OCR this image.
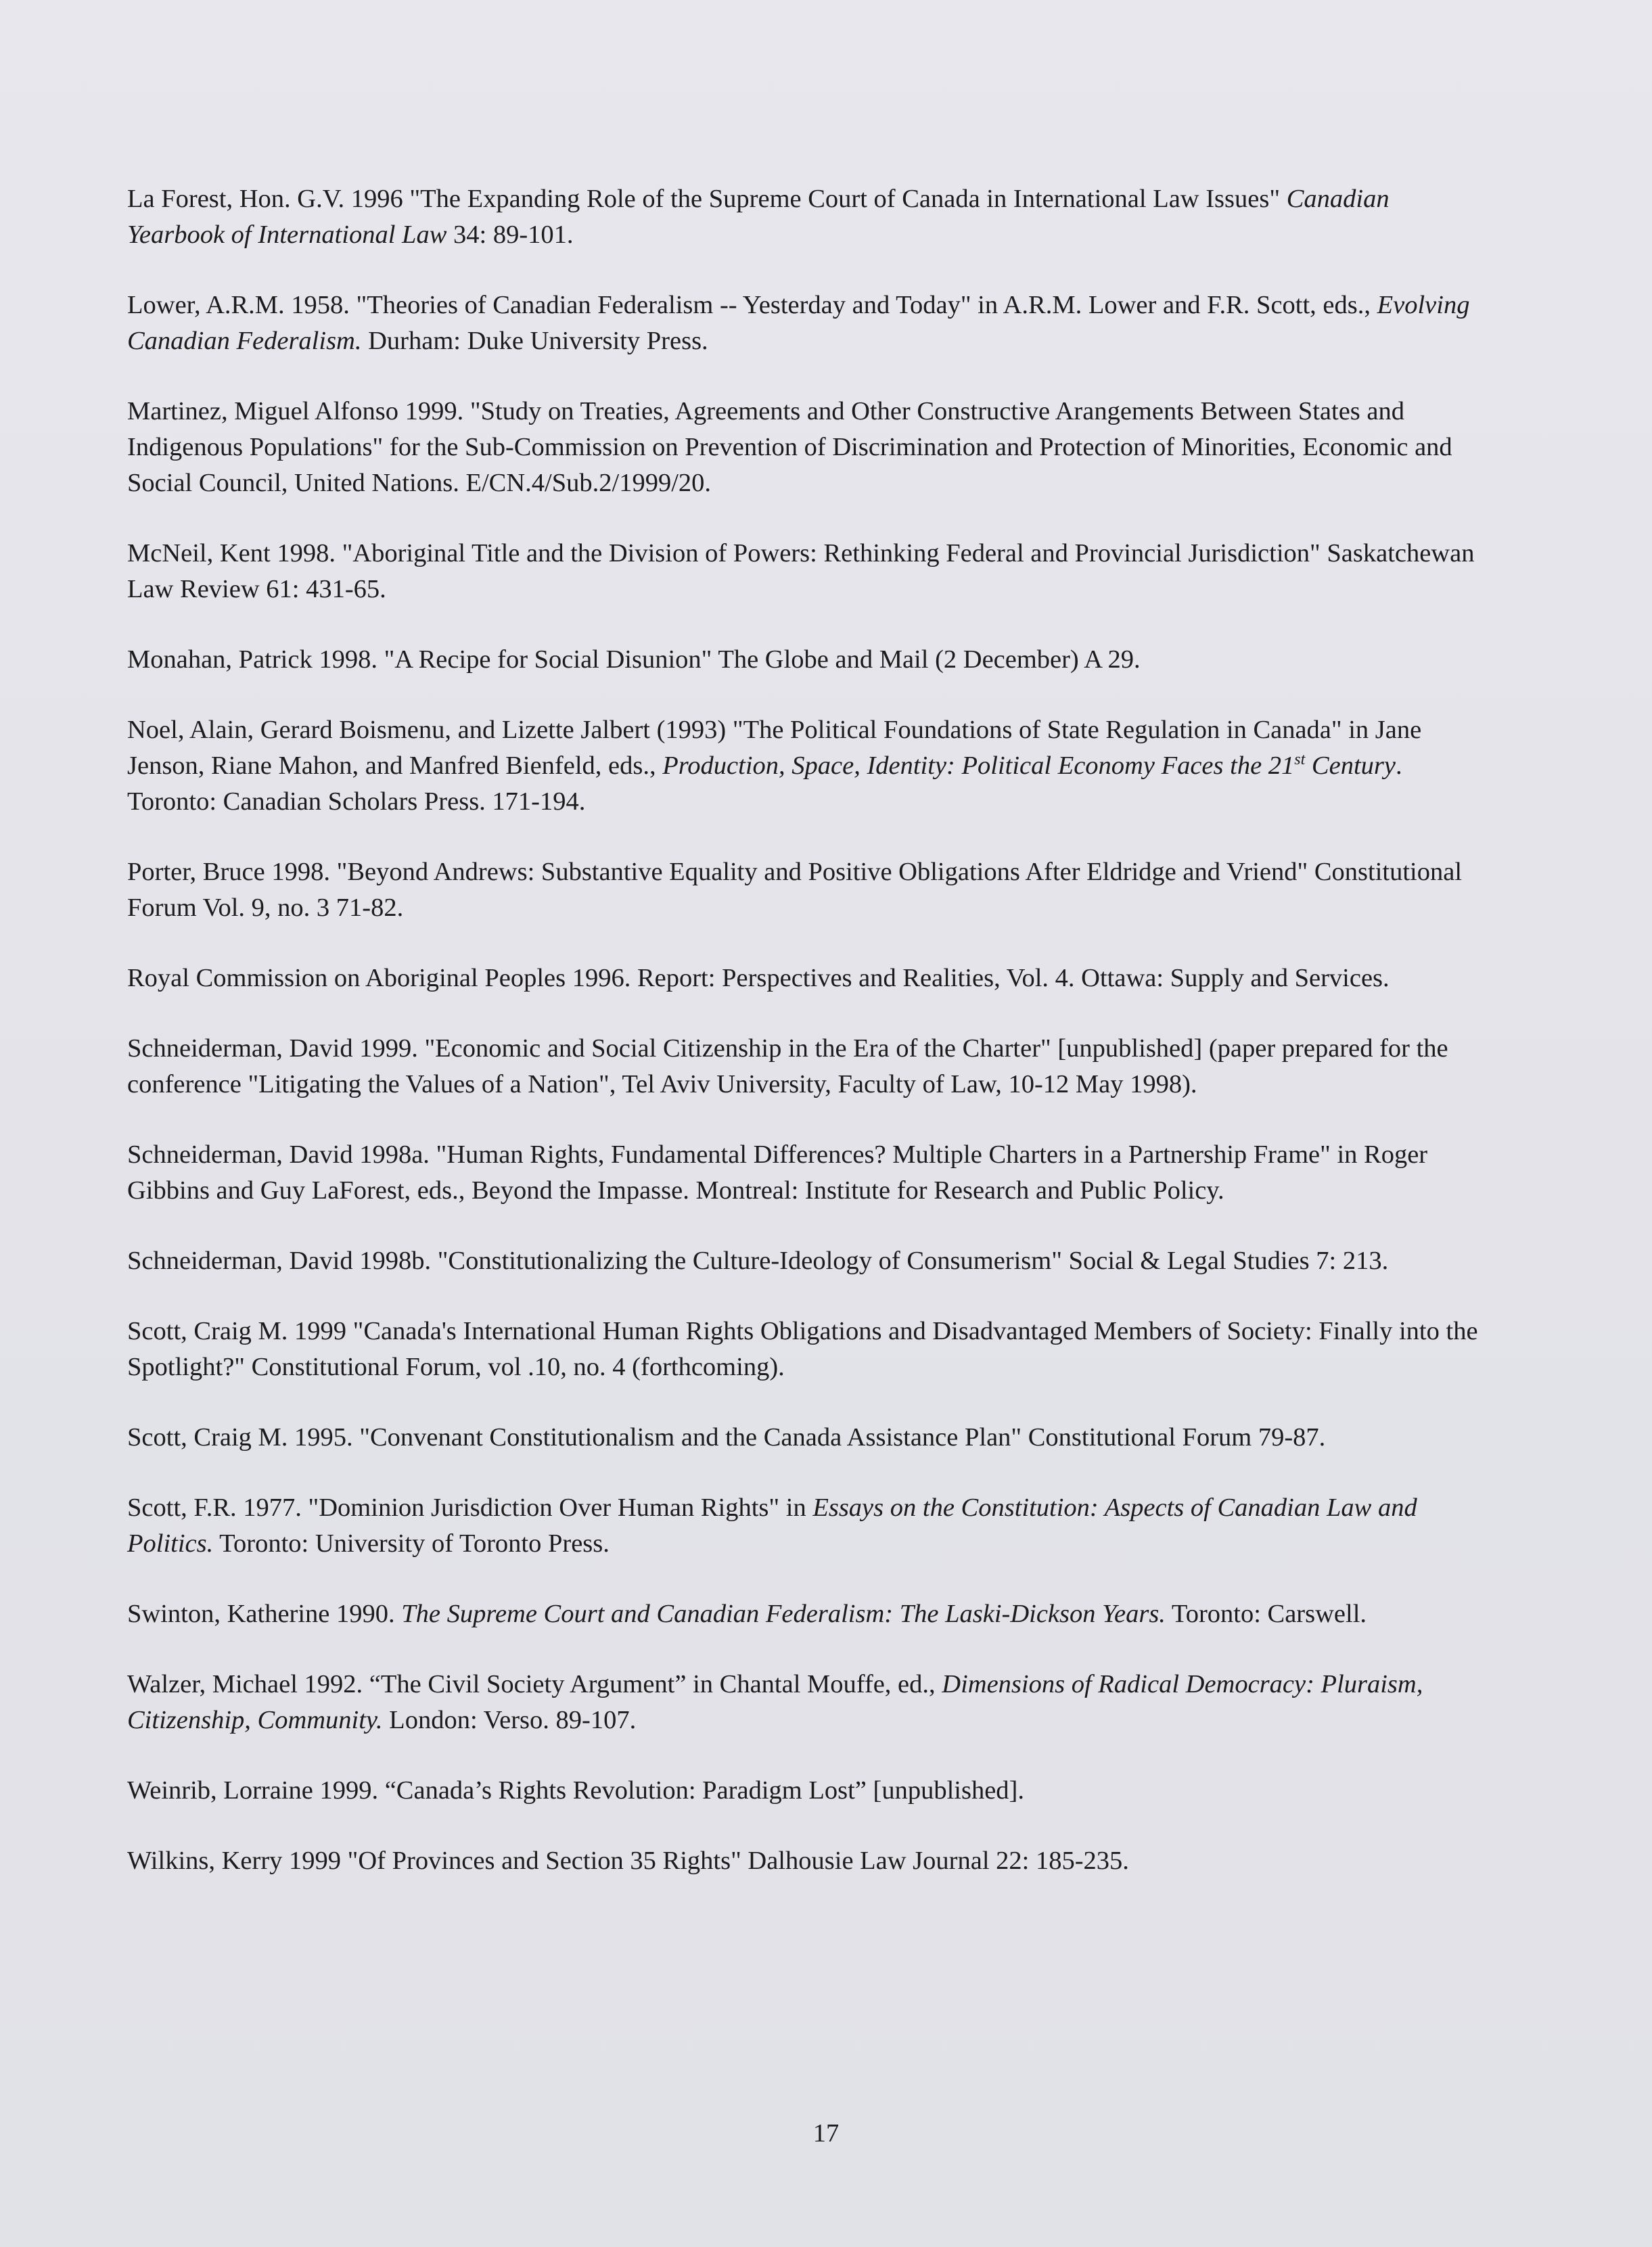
La Forest, Hon. G.V. 1996 "The Expanding Role of the Supreme Court of Canada in International Law Issues" Canadian Yearbook of International Law 34: 89-101.

Lower, A.R.M. 1958. "Theories of Canadian Federalism -- Yesterday and Today" in A.R.M. Lower and F.R. Scott, eds., Evolving Canadian Federalism. Durham: Duke University Press.

Martinez, Miguel Alfonso 1999. "Study on Treaties, Agreements and Other Constructive Arangements Between States and Indigenous Populations" for the Sub-Commission on Prevention of Discrimination and Protection of Minorities, Economic and Social Council, United Nations. E/CN.4/Sub.2/1999/20.

McNeil, Kent 1998. "Aboriginal Title and the Division of Powers: Rethinking Federal and Provincial Jurisdiction" Saskatchewan Law Review 61: 431-65.

Monahan, Patrick 1998. "A Recipe for Social Disunion" The Globe and Mail (2 December) A 29.

Noel, Alain, Gerard Boismenu, and Lizette Jalbert (1993) "The Political Foundations of State Regulation in Canada" in Jane Jenson, Riane Mahon, and Manfred Bienfeld, eds., Production, Space, Identity: Political Economy Faces the 21st Century. Toronto: Canadian Scholars Press. 171-194.

Porter, Bruce 1998. "Beyond Andrews: Substantive Equality and Positive Obligations After Eldridge and Vriend" Constitutional Forum Vol. 9, no. 3 71-82.

Royal Commission on Aboriginal Peoples 1996. Report: Perspectives and Realities, Vol. 4. Ottawa: Supply and Services.

Schneiderman, David 1999. "Economic and Social Citizenship in the Era of the Charter" [unpublished] (paper prepared for the conference "Litigating the Values of a Nation", Tel Aviv University, Faculty of Law, 10-12 May 1998).

Schneiderman, David 1998a. "Human Rights, Fundamental Differences? Multiple Charters in a Partnership Frame" in Roger Gibbins and Guy LaForest, eds., Beyond the Impasse. Montreal: Institute for Research and Public Policy.

Schneiderman, David 1998b. "Constitutionalizing the Culture-Ideology of Consumerism" Social & Legal Studies 7: 213.

Scott, Craig M. 1999 "Canada's International Human Rights Obligations and Disadvantaged Members of Society: Finally into the Spotlight?" Constitutional Forum, vol .10, no. 4 (forthcoming).

Scott, Craig M. 1995. "Convenant Constitutionalism and the Canada Assistance Plan" Constitutional Forum 79-87.

Scott, F.R. 1977. "Dominion Jurisdiction Over Human Rights" in Essays on the Constitution: Aspects of Canadian Law and Politics. Toronto: University of Toronto Press.

Swinton, Katherine 1990. The Supreme Court and Canadian Federalism: The Laski-Dickson Years. Toronto: Carswell.

Walzer, Michael 1992. “The Civil Society Argument” in Chantal Mouffe, ed., Dimensions of Radical Democracy: Pluraism, Citizenship, Community. London: Verso. 89-107.

Weinrib, Lorraine 1999. “Canada’s Rights Revolution: Paradigm Lost” [unpublished].

Wilkins, Kerry 1999 "Of Provinces and Section 35 Rights" Dalhousie Law Journal 22: 185-235.

17
